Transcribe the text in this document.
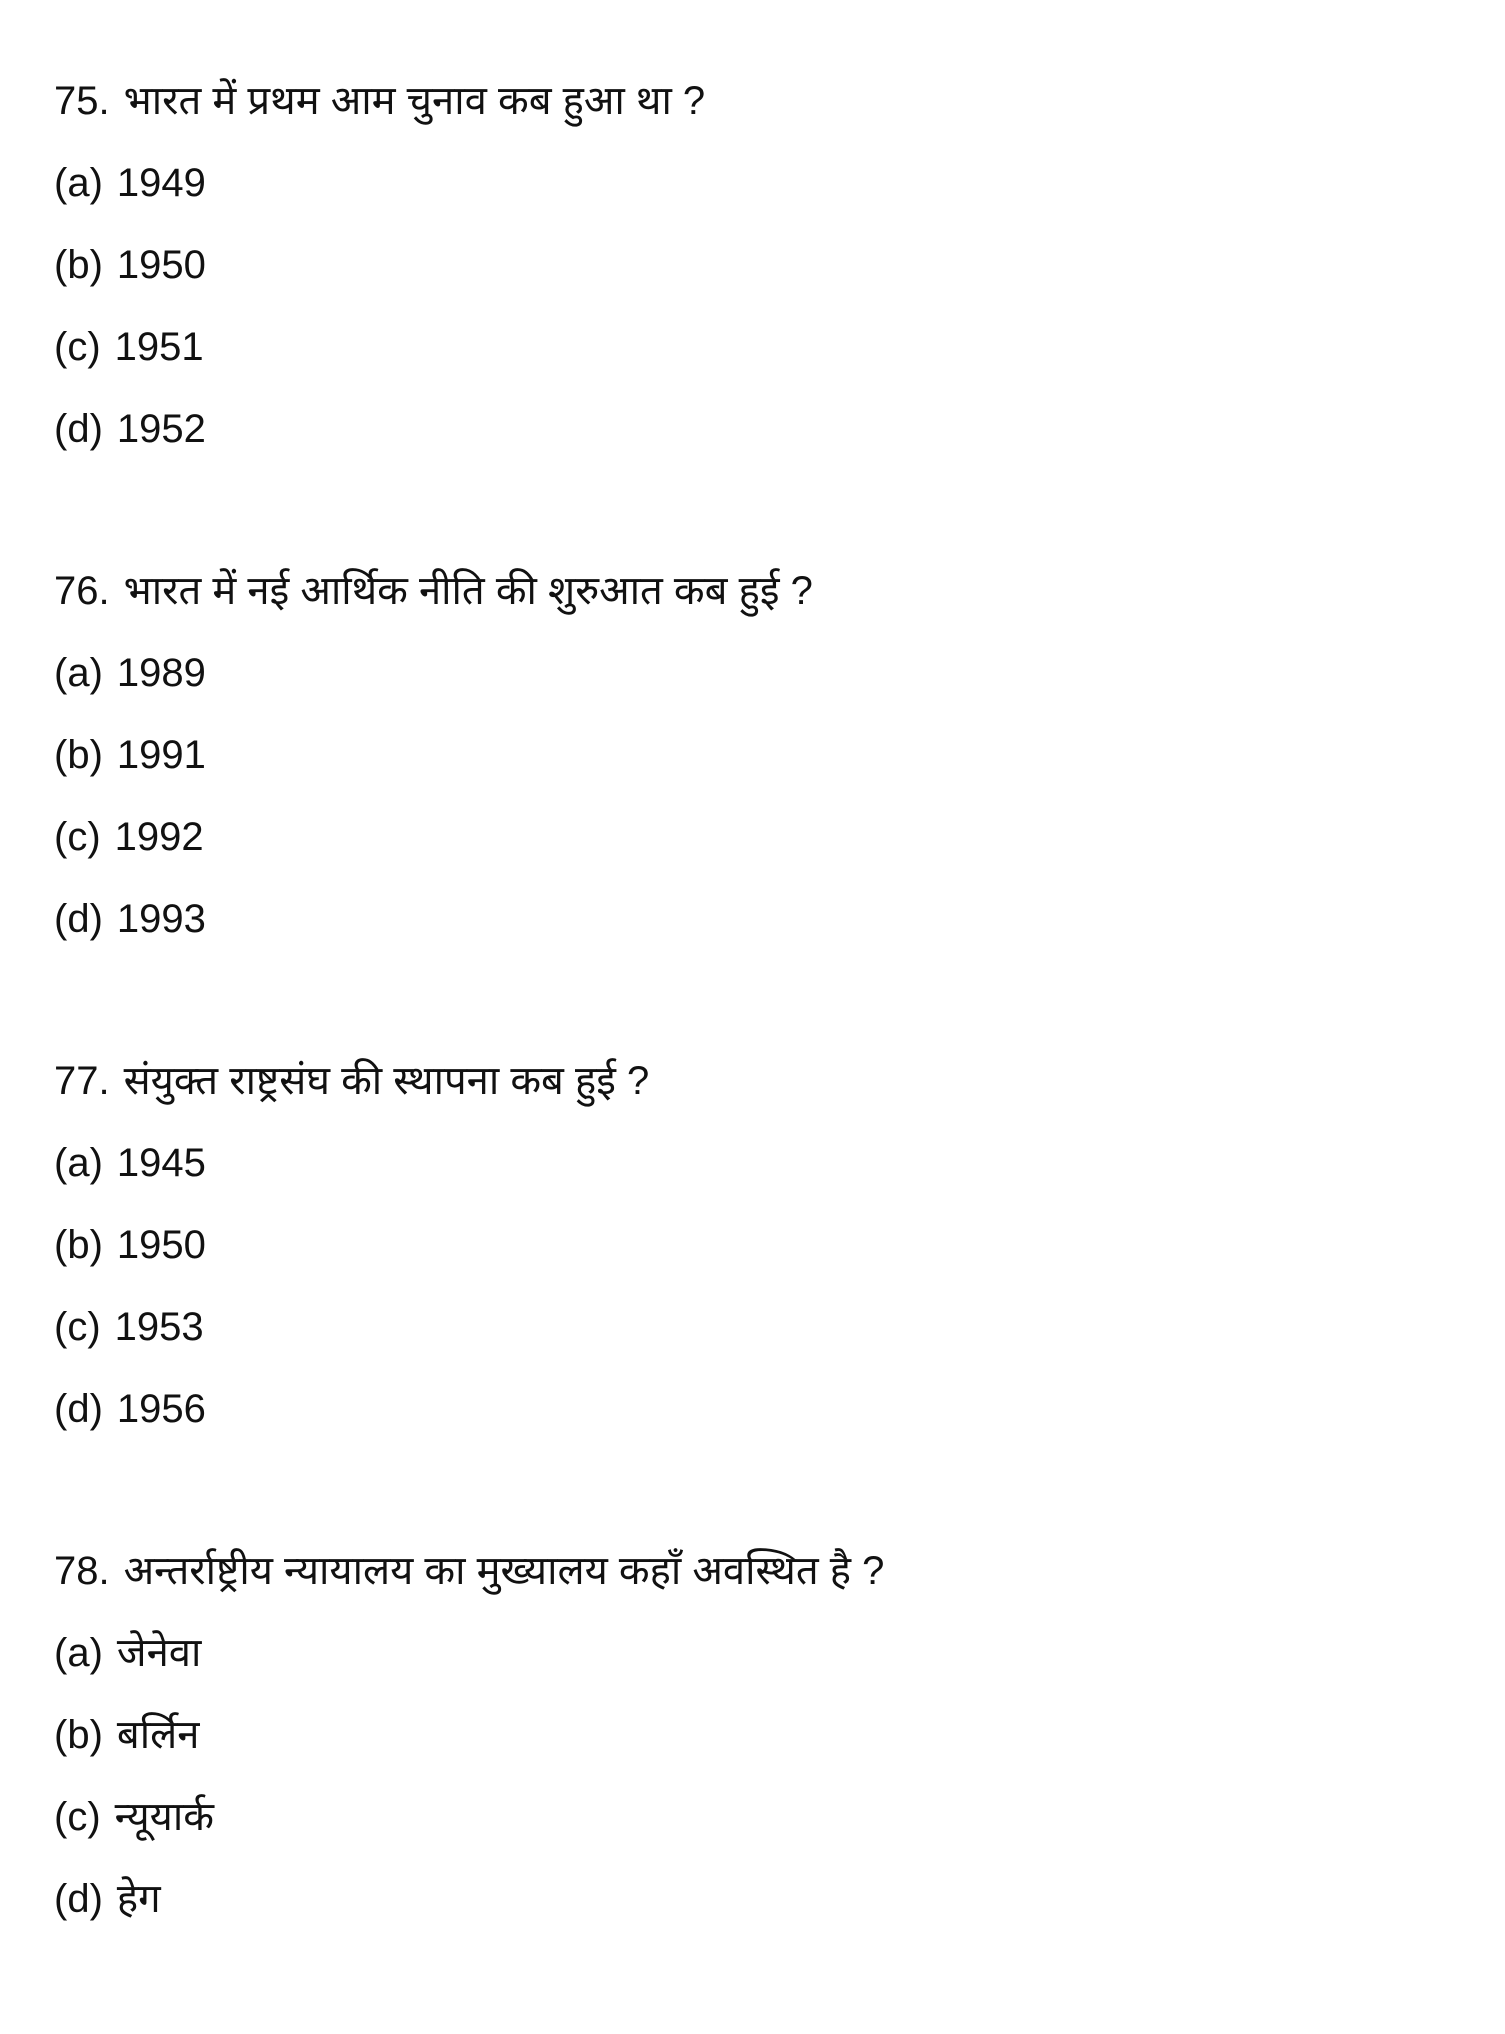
75. भारत में प्रथम आम चुनाव कब हुआ था ?
(a) 1949
(b) 1950
(c) 1951
(d) 1952
76. भारत में नई आर्थिक नीति की शुरुआत कब हुई ?
(a) 1989
(b) 1991
(c) 1992
(d) 1993
77. संयुक्त राष्ट्रसंघ की स्थापना कब हुई ?
(a) 1945
(b) 1950
(c) 1953
(d) 1956
78. अन्तर्राष्ट्रीय न्यायालय का मुख्यालय कहाँ अवस्थित है ?
(a) जेनेवा
(b) बर्लिन
(c) न्यूयार्क
(d) हेग
